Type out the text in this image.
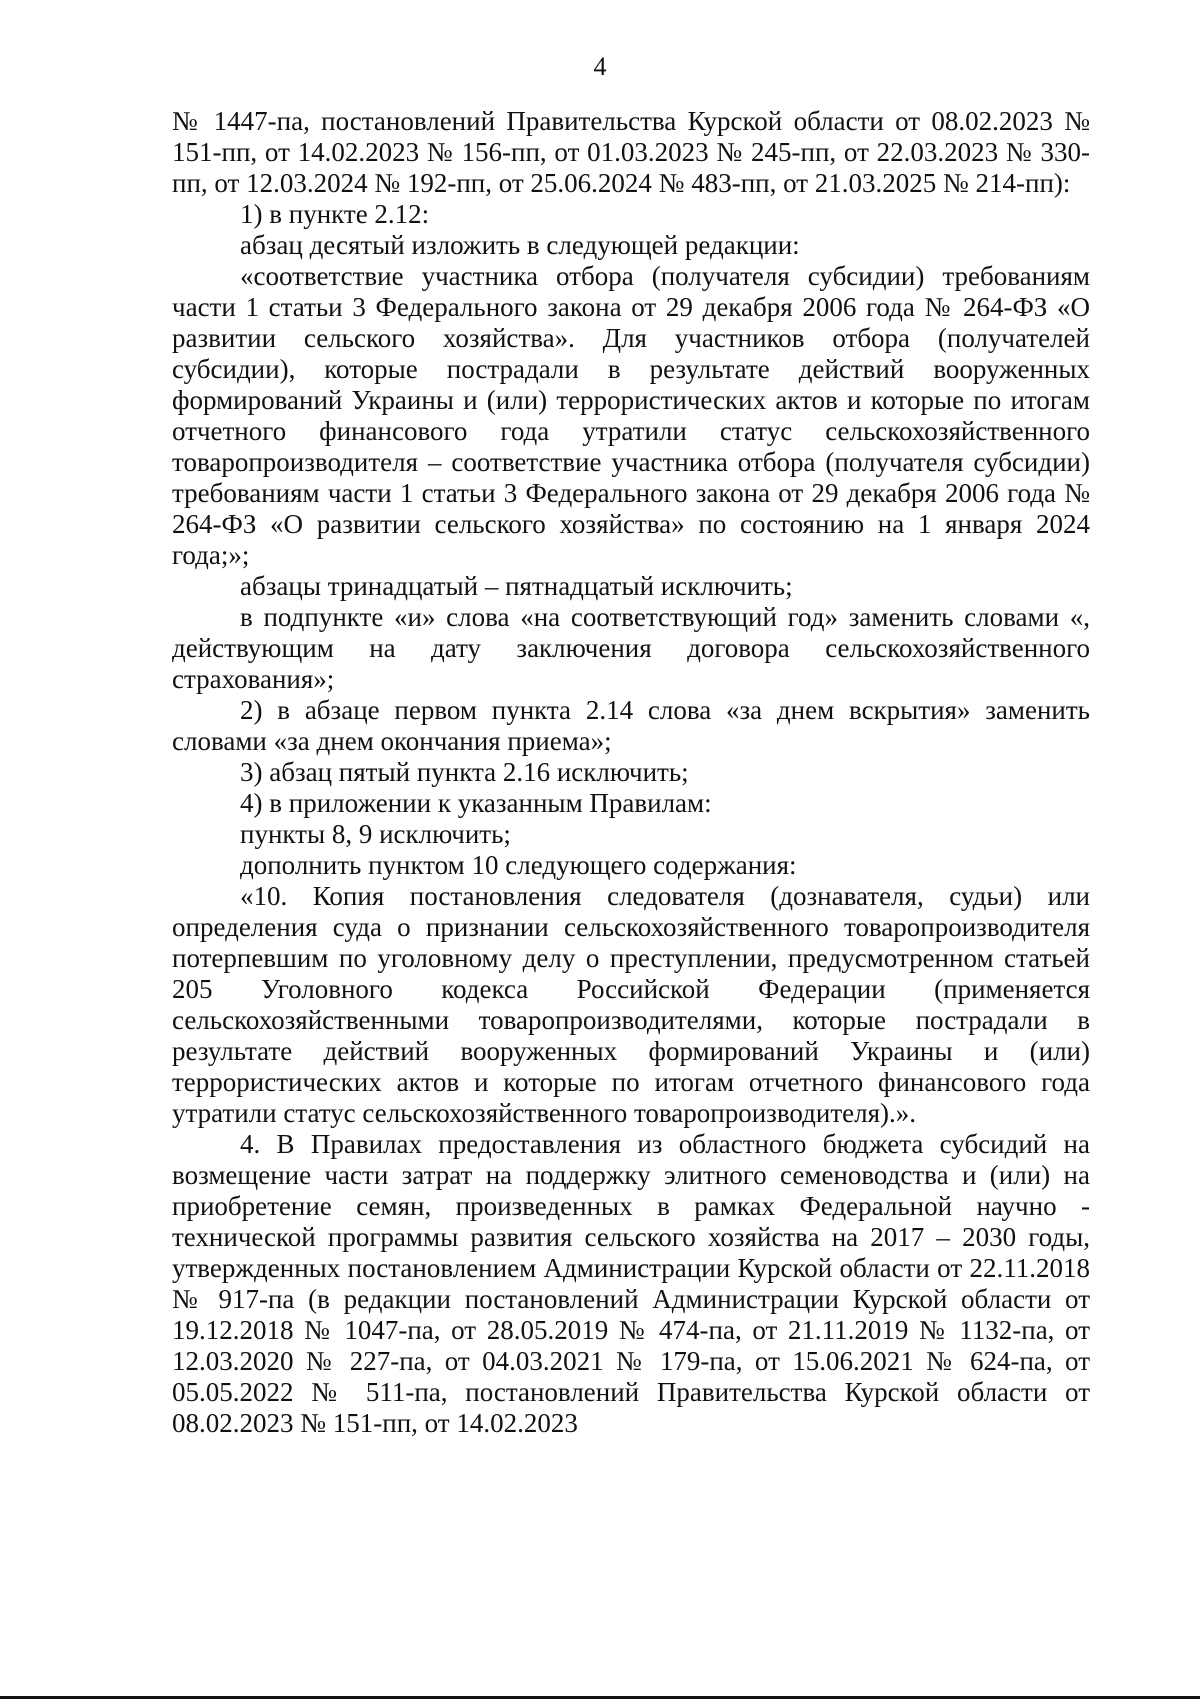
4

№ 1447-па, постановлений Правительства Курской области от 08.02.2023 № 151-пп, от 14.02.2023 № 156-пп, от 01.03.2023 № 245-пп, от 22.03.2023 № 330-пп, от 12.03.2024 № 192-пп, от 25.06.2024 № 483-пп, от 21.03.2025 № 214-пп):

1) в пункте 2.12:

абзац десятый изложить в следующей редакции:

«соответствие участника отбора (получателя субсидии) требованиям части 1 статьи 3 Федерального закона от 29 декабря 2006 года № 264-ФЗ «О развитии сельского хозяйства». Для участников отбора (получателей субсидии), которые пострадали в результате действий вооруженных формирований Украины и (или) террористических актов и которые по итогам отчетного финансового года утратили статус сельскохозяйственного товаропроизводителя – соответствие участника отбора (получателя субсидии) требованиям части 1 статьи 3 Федерального закона от 29 декабря 2006 года № 264-ФЗ «О развитии сельского хозяйства» по состоянию на 1 января 2024 года;»;

абзацы тринадцатый – пятнадцатый исключить;

в подпункте «и» слова «на соответствующий год» заменить словами «, действующим на дату заключения договора сельскохозяйственного страхования»;

2) в абзаце первом пункта 2.14 слова «за днем вскрытия» заменить словами «за днем окончания приема»;

3) абзац пятый пункта 2.16 исключить;

4) в приложении к указанным Правилам:

пункты 8, 9 исключить;

дополнить пунктом 10 следующего содержания:

«10. Копия постановления следователя (дознавателя, судьи) или определения суда о признании сельскохозяйственного товаропроизводителя потерпевшим по уголовному делу о преступлении, предусмотренном статьей 205 Уголовного кодекса Российской Федерации (применяется сельскохозяйственными товаропроизводителями, которые пострадали в результате действий вооруженных формирований Украины и (или) террористических актов и которые по итогам отчетного финансового года утратили статус сельскохозяйственного товаропроизводителя).».

4. В Правилах предоставления из областного бюджета субсидий на возмещение части затрат на поддержку элитного семеноводства и (или) на приобретение семян, произведенных в рамках Федеральной научно - технической программы развития сельского хозяйства на 2017 – 2030 годы, утвержденных постановлением Администрации Курской области от 22.11.2018 № 917-па (в редакции постановлений Администрации Курской области от 19.12.2018 № 1047-па, от 28.05.2019 № 474-па, от 21.11.2019 № 1132-па, от 12.03.2020 № 227-па, от 04.03.2021 № 179-па, от 15.06.2021 № 624-па, от 05.05.2022 № 511-па, постановлений Правительства Курской области от 08.02.2023 № 151-пп, от 14.02.2023
